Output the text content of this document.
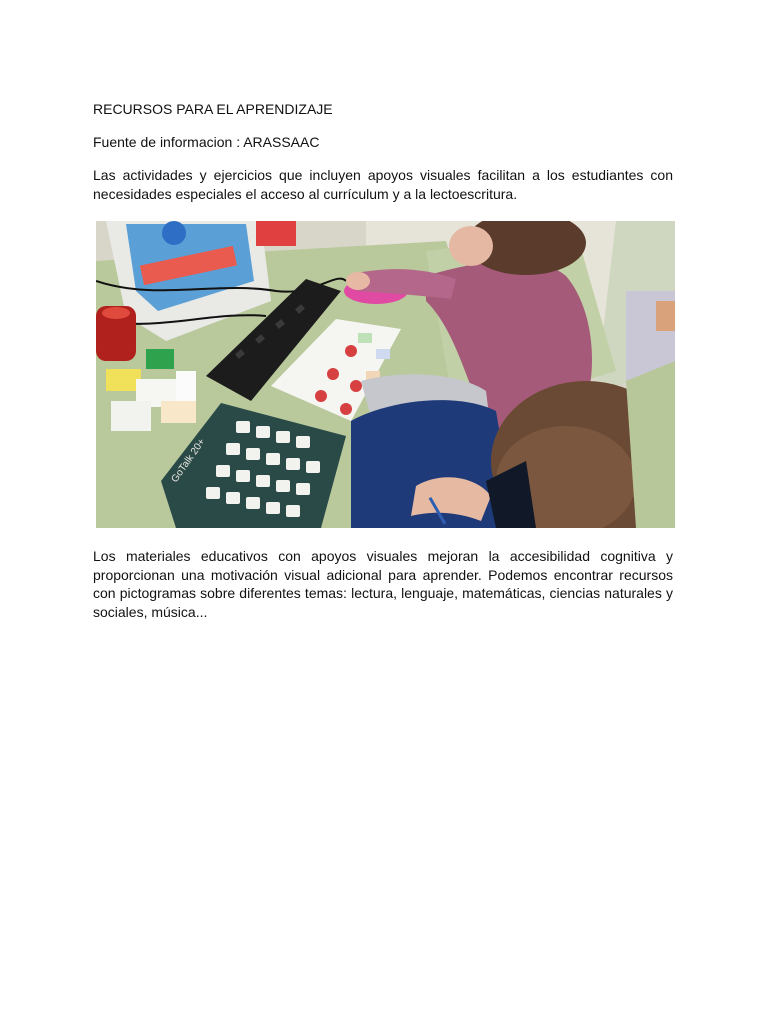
RECURSOS PARA EL APRENDIZAJE

Fuente de informacion : ARASSAAC

Las actividades y ejercicios que incluyen apoyos visuales facilitan a los estudiantes con necesidades especiales el acceso al currículum y a la lectoescritura.

GoTalk 20+

Los materiales educativos con apoyos visuales mejoran la accesibilidad cognitiva y proporcionan una motivación visual adicional para aprender. Podemos encontrar recursos con pictogramas sobre diferentes temas: lectura, lenguaje, matemáticas, ciencias naturales y sociales, música...
